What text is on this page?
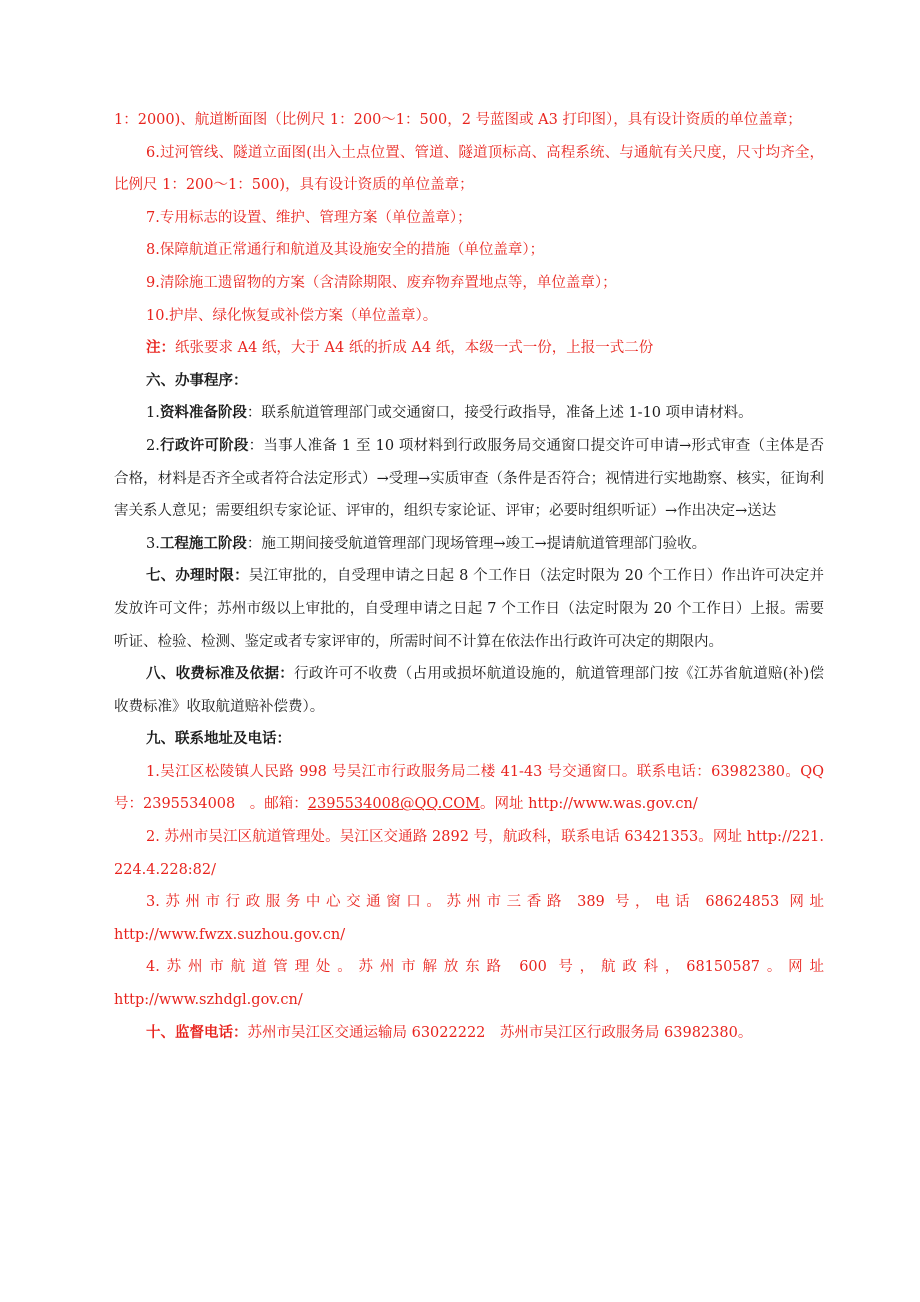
1：2000)、航道断面图（比例尺 1：200～1：500，2 号蓝图或 A3 打印图），具有设计资质的单位盖章；

6.过河管线、隧道立面图(出入土点位置、管道、隧道顶标高、高程系统、与通航有关尺度，尺寸均齐全，比例尺 1：200～1：500)，具有设计资质的单位盖章；

7.专用标志的设置、维护、管理方案（单位盖章）；

8.保障航道正常通行和航道及其设施安全的措施（单位盖章）；

9.清除施工遗留物的方案（含清除期限、废弃物弃置地点等，单位盖章）；

10.护岸、绿化恢复或补偿方案（单位盖章）。

注：纸张要求 A4 纸，大于 A4 纸的折成 A4 纸，本级一式一份，上报一式二份

六、办事程序：

1.资料准备阶段：联系航道管理部门或交通窗口，接受行政指导，准备上述 1-10 项申请材料。

2.行政许可阶段：当事人准备 1 至 10 项材料到行政服务局交通窗口提交许可申请→形式审查（主体是否合格，材料是否齐全或者符合法定形式）→受理→实质审查（条件是否符合；视情进行实地勘察、核实，征询利害关系人意见；需要组织专家论证、评审的，组织专家论证、评审；必要时组织听证）→作出决定→送达

3.工程施工阶段：施工期间接受航道管理部门现场管理→竣工→提请航道管理部门验收。

七、办理时限：吴江审批的，自受理申请之日起 8 个工作日（法定时限为 20 个工作日）作出许可决定并发放许可文件；苏州市级以上审批的，自受理申请之日起 7 个工作日（法定时限为 20 个工作日）上报。需要听证、检验、检测、鉴定或者专家评审的，所需时间不计算在依法作出行政许可决定的期限内。

八、收费标准及依据：行政许可不收费（占用或损坏航道设施的，航道管理部门按《江苏省航道赔(补)偿收费标准》收取航道赔补偿费）。

九、联系地址及电话：

1.吴江区松陵镇人民路 998 号吴江市行政服务局二楼 41-43 号交通窗口。联系电话：63982380。QQ 号：2395534008　。邮箱：2395534008@QQ.COM。网址 http://www.was.gov.cn/

2. 苏州市吴江区航道管理处。吴江区交通路 2892 号，航政科，联系电话 63421353。网址 http://221.224.4.228:82/

3.苏州市行政服务中心交通窗口。苏州市三香路 389 号，电话 68624853 网址

http://www.fwzx.suzhou.gov.cn/

4.苏州市航道管理处。苏州市解放东路 600 号，航政科，68150587。网址

http://www.szhdgl.gov.cn/

十、监督电话：苏州市吴江区交通运输局 63022222　苏州市吴江区行政服务局 63982380。
